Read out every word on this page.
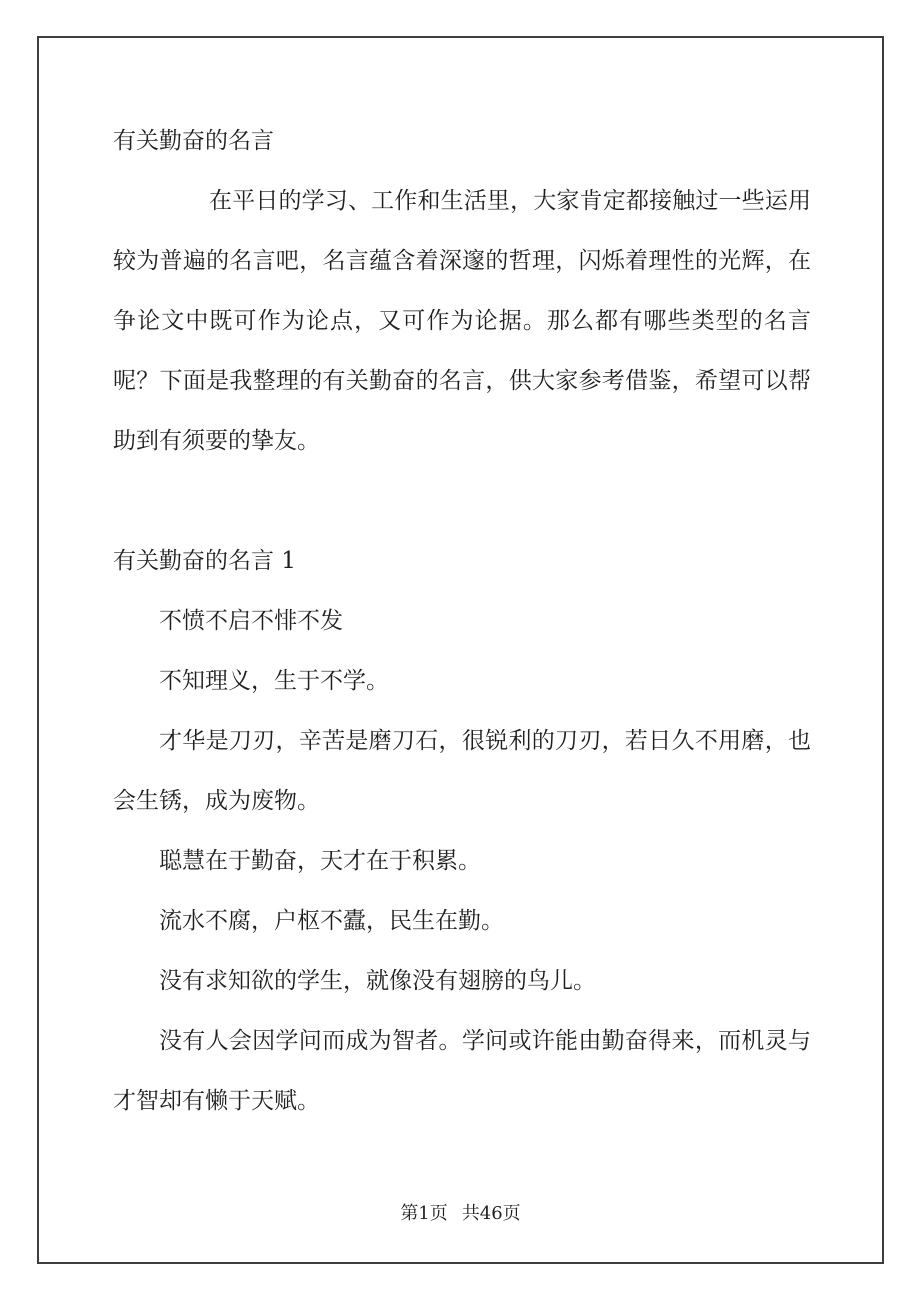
有关勤奋的名言

在平日的学习、工作和生活里，大家肯定都接触过一些运用较为普遍的名言吧，名言蕴含着深邃的哲理，闪烁着理性的光辉，在争论文中既可作为论点，又可作为论据。那么都有哪些类型的名言呢？下面是我整理的有关勤奋的名言，供大家参考借鉴，希望可以帮助到有须要的挚友。

有关勤奋的名言 1

不愤不启不悱不发

不知理义，生于不学。

才华是刀刃，辛苦是磨刀石，很锐利的刀刃，若日久不用磨，也会生锈，成为废物。

聪慧在于勤奋，天才在于积累。

流水不腐，户枢不蠹，民生在勤。

没有求知欲的学生，就像没有翅膀的鸟儿。

没有人会因学问而成为智者。学问或许能由勤奋得来，而机灵与才智却有懒于天赋。

第1页 共46页
